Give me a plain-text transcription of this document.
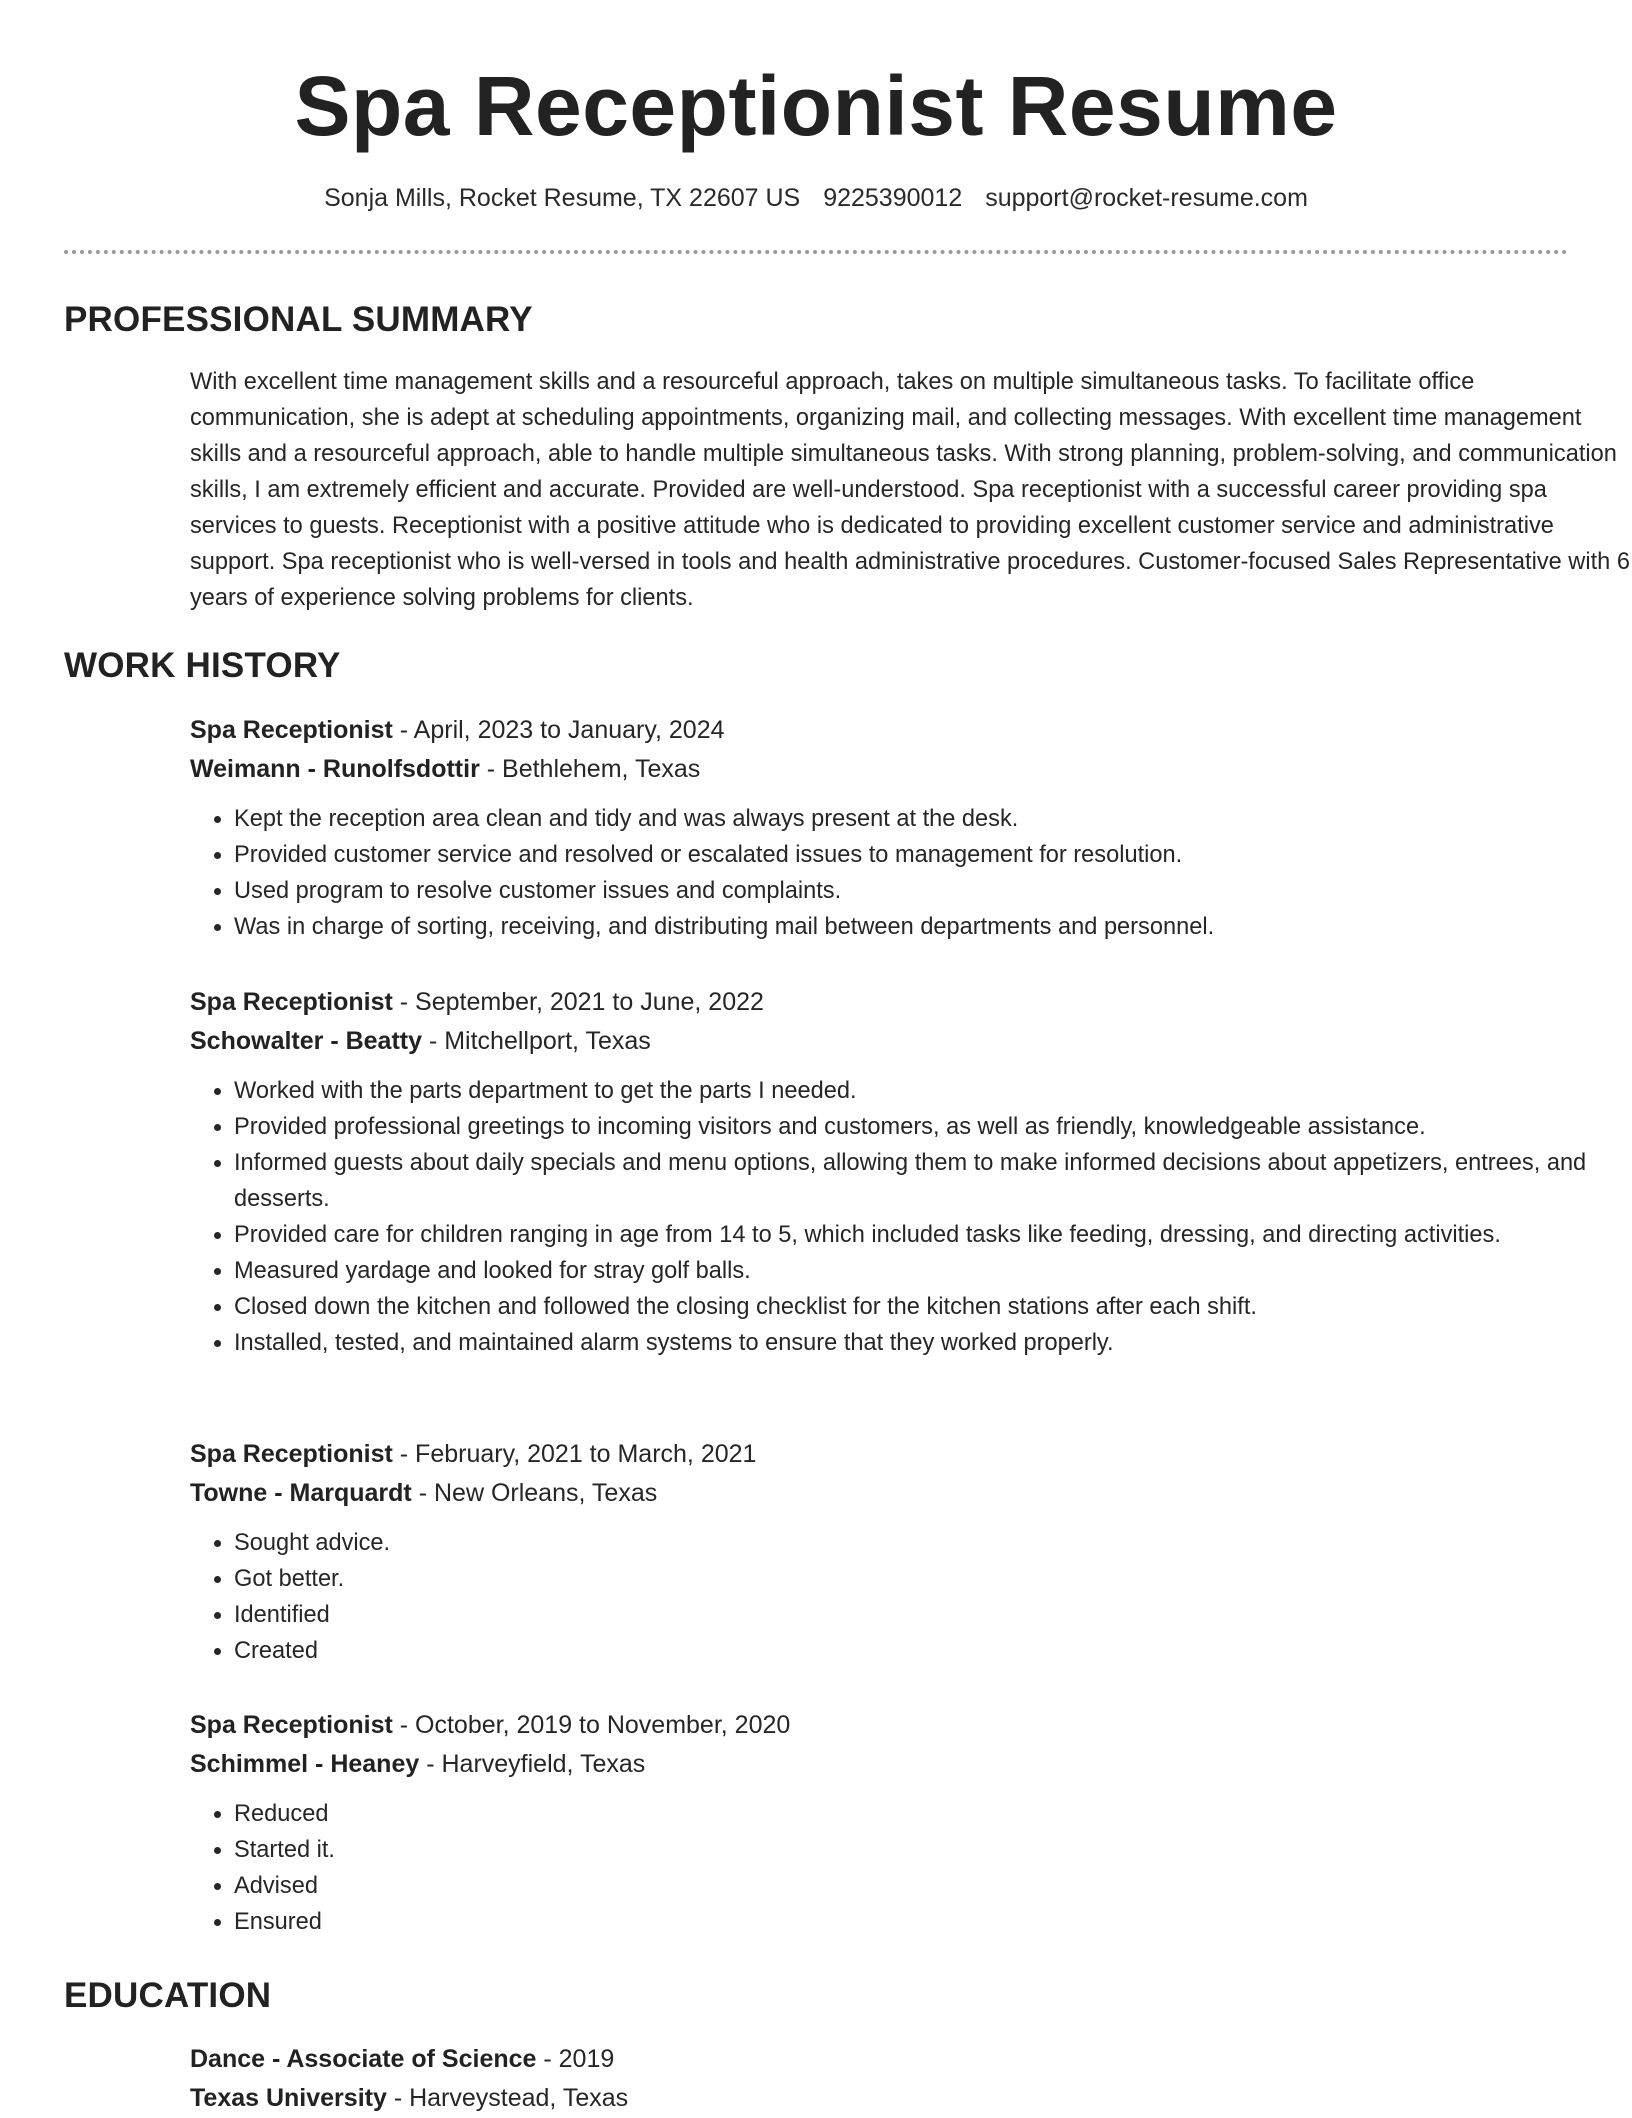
Spa Receptionist Resume
Sonja Mills, Rocket Resume, TX 22607 US 9225390012 support@rocket-resume.com
PROFESSIONAL SUMMARY
With excellent time management skills and a resourceful approach, takes on multiple simultaneous tasks. To facilitate office communication, she is adept at scheduling appointments, organizing mail, and collecting messages. With excellent time management skills and a resourceful approach, able to handle multiple simultaneous tasks. With strong planning, problem-solving, and communication skills, I am extremely efficient and accurate. Provided are well-understood. Spa receptionist with a successful career providing spa services to guests. Receptionist with a positive attitude who is dedicated to providing excellent customer service and administrative support. Spa receptionist who is well-versed in tools and health administrative procedures. Customer-focused Sales Representative with 6 years of experience solving problems for clients.
WORK HISTORY
Spa Receptionist - April, 2023 to January, 2024
Weimann - Runolfsdottir - Bethlehem, Texas
• Kept the reception area clean and tidy and was always present at the desk.
• Provided customer service and resolved or escalated issues to management for resolution.
• Used program to resolve customer issues and complaints.
• Was in charge of sorting, receiving, and distributing mail between departments and personnel.
Spa Receptionist - September, 2021 to June, 2022
Schowalter - Beatty - Mitchellport, Texas
• Worked with the parts department to get the parts I needed.
• Provided professional greetings to incoming visitors and customers, as well as friendly, knowledgeable assistance.
• Informed guests about daily specials and menu options, allowing them to make informed decisions about appetizers, entrees, and desserts.
• Provided care for children ranging in age from 14 to 5, which included tasks like feeding, dressing, and directing activities.
• Measured yardage and looked for stray golf balls.
• Closed down the kitchen and followed the closing checklist for the kitchen stations after each shift.
• Installed, tested, and maintained alarm systems to ensure that they worked properly.
Spa Receptionist - February, 2021 to March, 2021
Towne - Marquardt - New Orleans, Texas
• Sought advice.
• Got better.
• Identified
• Created
Spa Receptionist - October, 2019 to November, 2020
Schimmel - Heaney - Harveyfield, Texas
• Reduced
• Started it.
• Advised
• Ensured
EDUCATION
Dance - Associate of Science - 2019
Texas University - Harveystead, Texas
